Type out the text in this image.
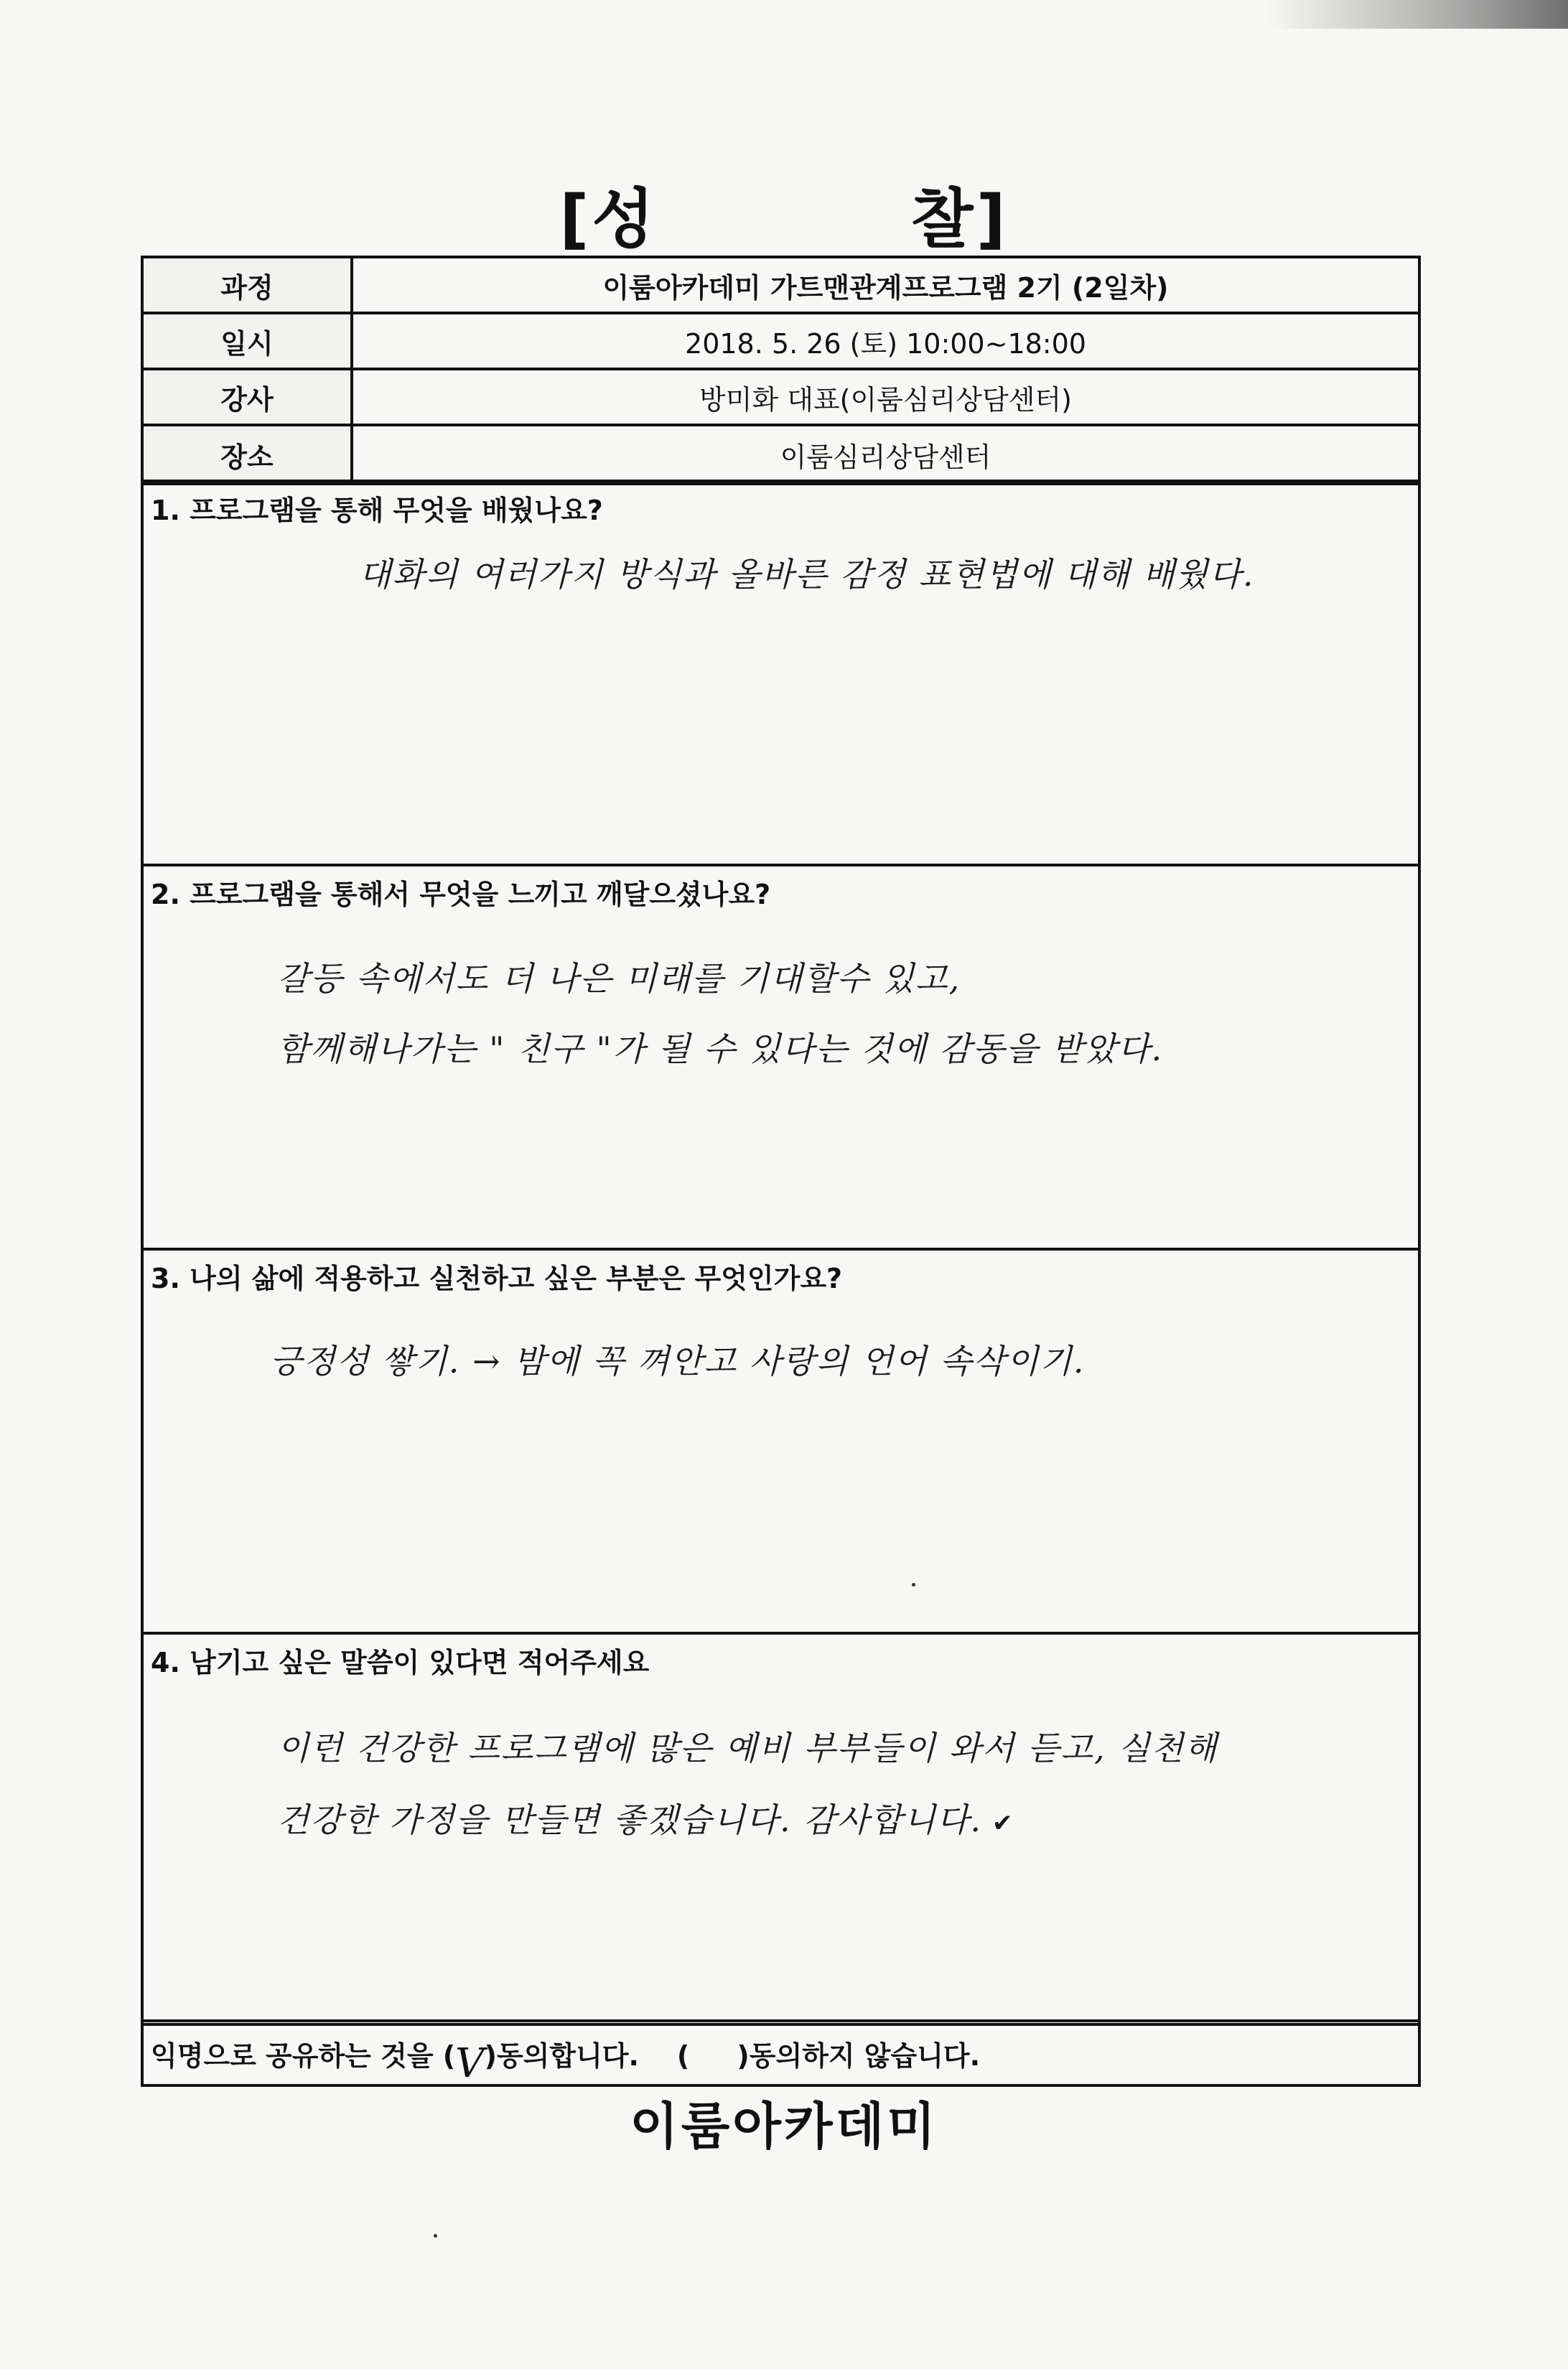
[성          찰]
과정	이룸아카데미 가트맨관계프로그램 2기 (2일차)
일시	2018. 5. 26 (토) 10:00~18:00
강사	방미화 대표(이룸심리상담센터)
장소	이룸심리상담센터
1. 프로그램을 통해 무엇을 배웠나요?
대화의 여러가지 방식과 올바른 감정 표현법에 대해 배웠다.
2. 프로그램을 통해서 무엇을 느끼고 깨달으셨나요?
갈등 속에서도 더 나은 미래를 기대할수 있고,
함께해나가는 " 친구 "가 될 수 있다는 것에 감동을 받았다.
3. 나의 삶에 적용하고 실천하고 싶은 부분은 무엇인가요?
긍정성 쌓기. → 밤에 꼭 껴안고 사랑의 언어 속삭이기.
4. 남기고 싶은 말씀이 있다면 적어주세요
이런 건강한 프로그램에 많은 예비 부부들이 와서 듣고, 실천해
건강한 가정을 만들면 좋겠습니다. 감사합니다. ✔
익명으로 공유하는 것을 ( V )동의합니다.    (     )동의하지 않습니다.
이룸아카데미
